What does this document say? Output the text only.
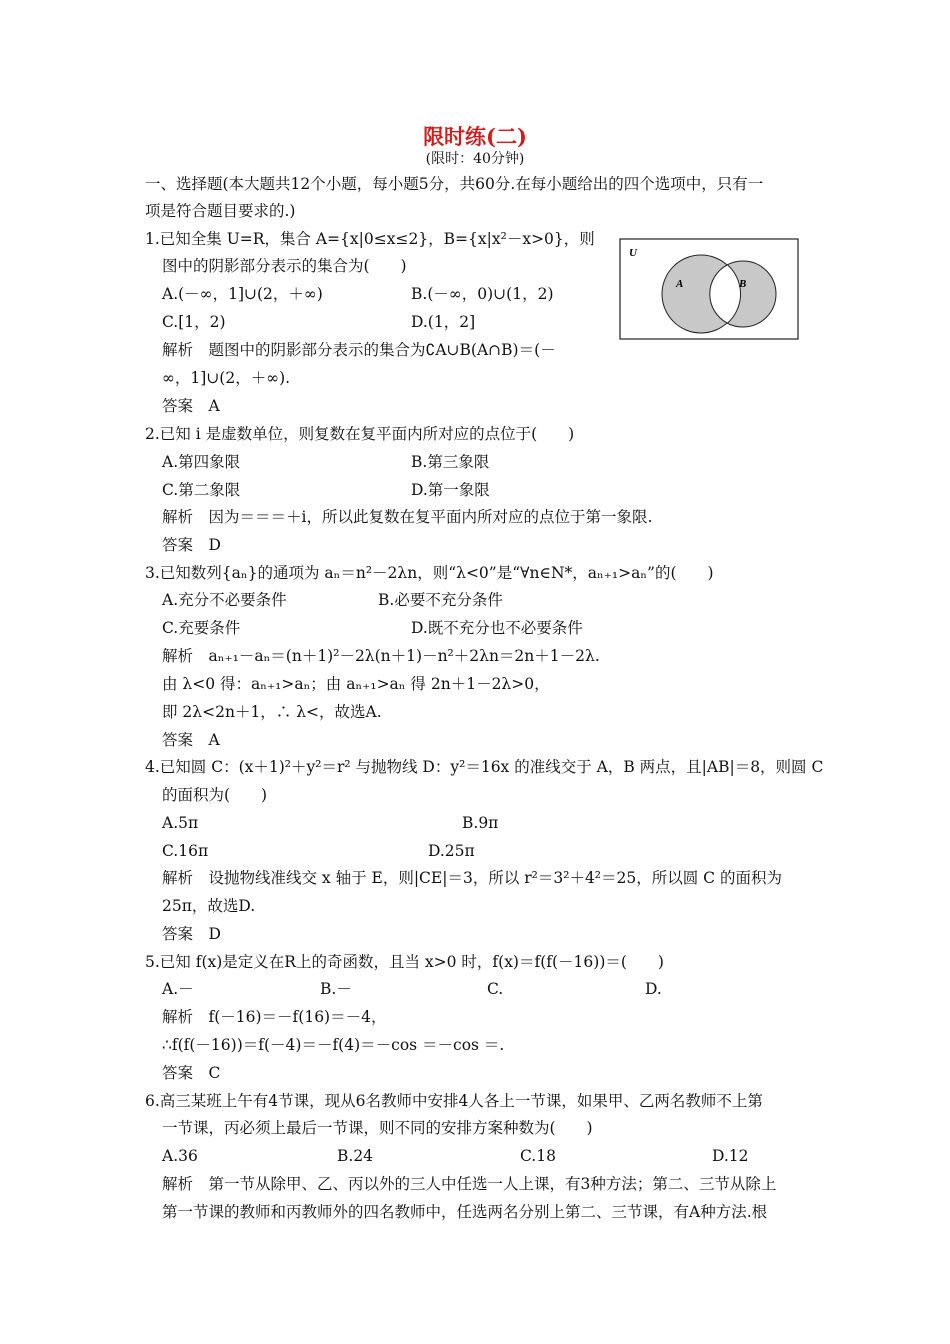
限时练(二)
(限时：40分钟)
一、选择题(本大题共12个小题，每小题5分，共60分.在每小题给出的四个选项中，只有一
项是符合题目要求的.)
1.已知全集 U=R，集合 A={x|0≤x≤2}，B={x|x²－x>0}，则
图中的阴影部分表示的集合为(　　)
A.(－∞，1]∪(2，＋∞)	B.(－∞，0)∪(1，2)
C.[1，2)	D.(1，2]
解析　题图中的阴影部分表示的集合为∁A∪B(A∩B)＝(－
∞，1]∪(2，＋∞).
答案　A
U
A	B
2.已知 i 是虚数单位，则复数在复平面内所对应的点位于(　　)
A.第四象限	B.第三象限
C.第二象限	D.第一象限
解析　因为＝＝＝＋i，所以此复数在复平面内所对应的点位于第一象限.
答案　D
3.已知数列{aₙ}的通项为 aₙ＝n²－2λn，则“λ<0”是“∀n∈N*，aₙ₊₁>aₙ”的(　　)
A.充分不必要条件	B.必要不充分条件
C.充要条件	D.既不充分也不必要条件
解析　aₙ₊₁－aₙ＝(n＋1)²－2λ(n＋1)－n²＋2λn＝2n＋1－2λ.
由 λ<0 得：aₙ₊₁>aₙ；由 aₙ₊₁>aₙ 得 2n＋1－2λ>0，
即 2λ<2n＋1，∴ λ<，故选A.
答案　A
4.已知圆 C：(x＋1)²＋y²＝r² 与抛物线 D：y²＝16x 的准线交于 A，B 两点，且|AB|＝8，则圆 C
的面积为(　　)
A.5π	B.9π
C.16π	D.25π
解析　设抛物线准线交 x 轴于 E，则|CE|＝3，所以 r²＝3²＋4²＝25，所以圆 C 的面积为
25π，故选D.
答案　D
5.已知 f(x)是定义在R上的奇函数，且当 x>0 时，f(x)＝f(f(－16))＝(　　)
A.－	B.－	C.	D.
解析　f(－16)＝－f(16)＝－4，
∴f(f(－16))＝f(－4)＝－f(4)＝－cos ＝－cos ＝.
答案　C
6.高三某班上午有4节课，现从6名教师中安排4人各上一节课，如果甲、乙两名教师不上第
一节课，丙必须上最后一节课，则不同的安排方案种数为(　　)
A.36	B.24	C.18	D.12
解析　第一节从除甲、乙、丙以外的三人中任选一人上课，有3种方法；第二、三节从除上
第一节课的教师和丙教师外的四名教师中，任选两名分别上第二、三节课，有A种方法.根
